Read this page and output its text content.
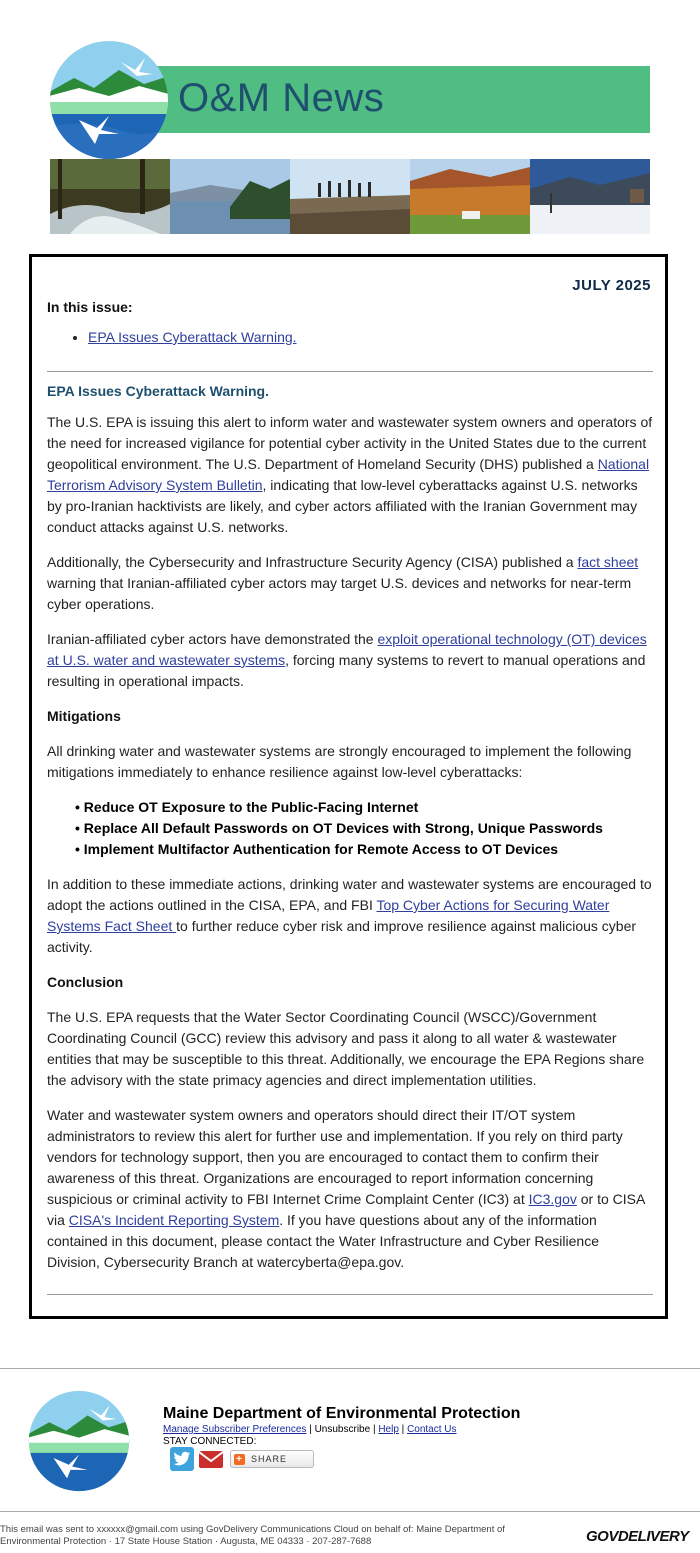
O&M News
JULY 2025
In this issue:
• EPA Issues Cyberattack Warning.
EPA Issues Cyberattack Warning.

The U.S. EPA is issuing this alert to inform water and wastewater system owners and operators of the need for increased vigilance for potential cyber activity in the United States due to the current geopolitical environment. The U.S. Department of Homeland Security (DHS) published a National Terrorism Advisory System Bulletin, indicating that low-level cyberattacks against U.S. networks by pro-Iranian hacktivists are likely, and cyber actors affiliated with the Iranian Government may conduct attacks against U.S. networks.

Additionally, the Cybersecurity and Infrastructure Security Agency (CISA) published a fact sheet warning that Iranian-affiliated cyber actors may target U.S. devices and networks for near-term cyber operations.

Iranian-affiliated cyber actors have demonstrated the exploit operational technology (OT) devices at U.S. water and wastewater systems, forcing many systems to revert to manual operations and resulting in operational impacts.

Mitigations

All drinking water and wastewater systems are strongly encouraged to implement the following mitigations immediately to enhance resilience against low-level cyberattacks:

• Reduce OT Exposure to the Public-Facing Internet
• Replace All Default Passwords on OT Devices with Strong, Unique Passwords
• Implement Multifactor Authentication for Remote Access to OT Devices

In addition to these immediate actions, drinking water and wastewater systems are encouraged to adopt the actions outlined in the CISA, EPA, and FBI Top Cyber Actions for Securing Water Systems Fact Sheet to further reduce cyber risk and improve resilience against malicious cyber activity.

Conclusion

The U.S. EPA requests that the Water Sector Coordinating Council (WSCC)/Government Coordinating Council (GCC) review this advisory and pass it along to all water & wastewater entities that may be susceptible to this threat. Additionally, we encourage the EPA Regions share the advisory with the state primacy agencies and direct implementation utilities.

Water and wastewater system owners and operators should direct their IT/OT system administrators to review this alert for further use and implementation. If you rely on third party vendors for technology support, then you are encouraged to contact them to confirm their awareness of this threat. Organizations are encouraged to report information concerning suspicious or criminal activity to FBI Internet Crime Complaint Center (IC3) at IC3.gov or to CISA via CISA's Incident Reporting System. If you have questions about any of the information contained in this document, please contact the Water Infrastructure and Cyber Resilience Division, Cybersecurity Branch at watercyberta@epa.gov.

Maine Department of Environmental Protection
Manage Subscriber Preferences | Unsubscribe | Help | Contact Us
STAY CONNECTED:
+ SHARE
This email was sent to xxxxxx@gmail.com using GovDelivery Communications Cloud on behalf of: Maine Department of Environmental Protection · 17 State House Station · Augusta, ME 04333 · 207-287-7688	GOVDELIVERY
